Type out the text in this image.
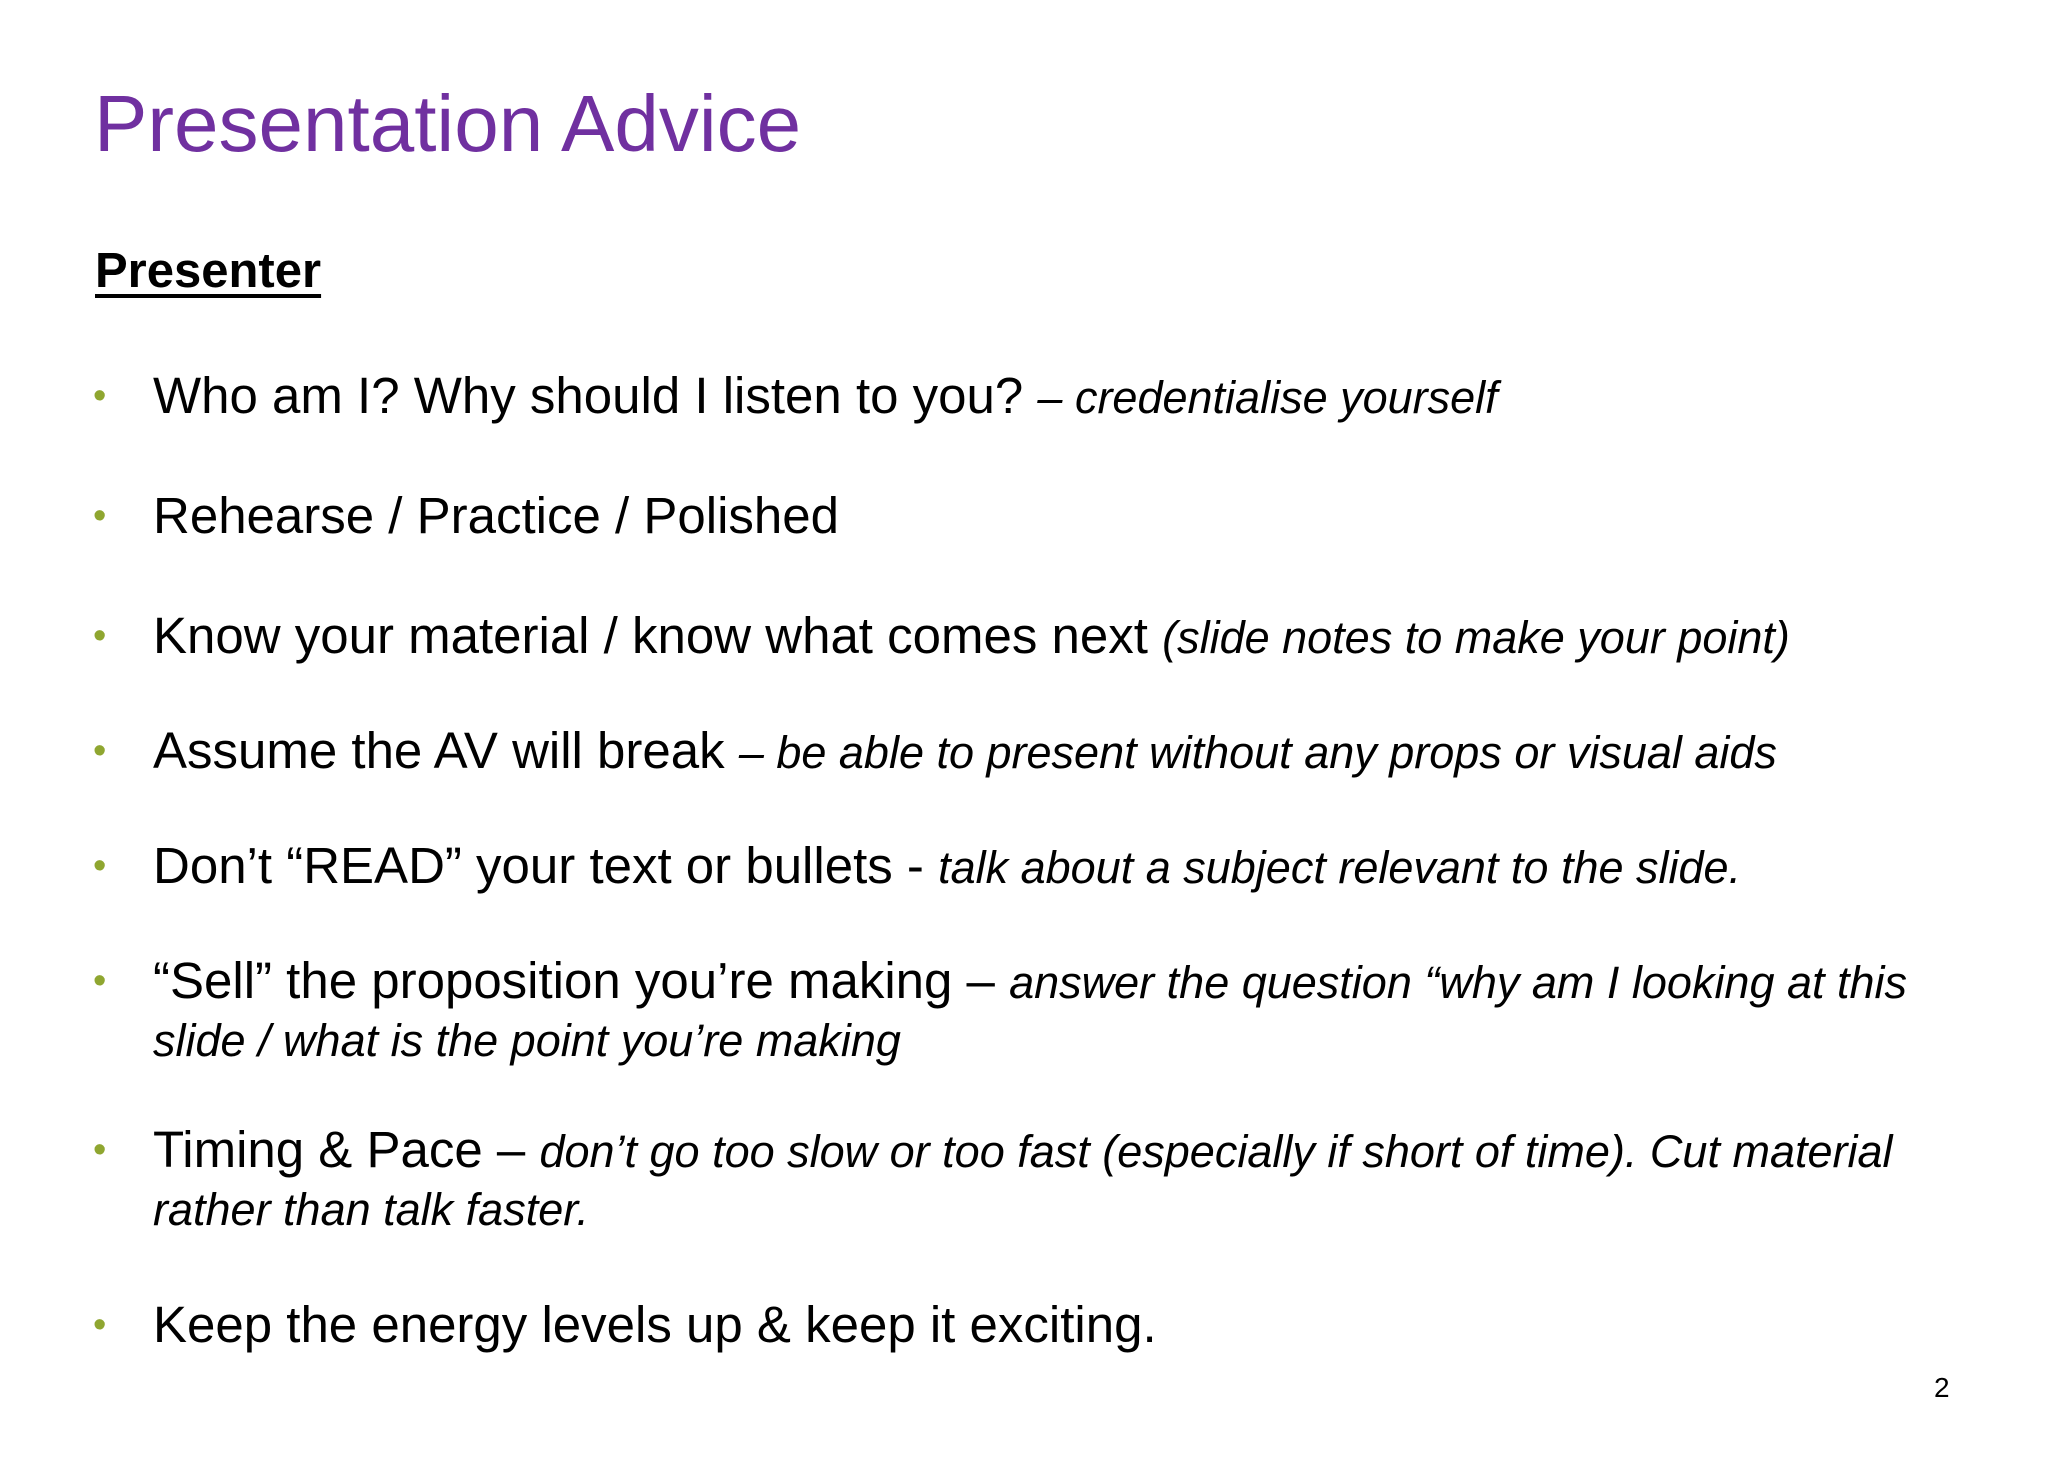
Presentation Advice
Presenter
• Who am I? Why should I listen to you? – credentialise yourself
• Rehearse / Practice / Polished
• Know your material / know what comes next (slide notes to make your point)
• Assume the AV will break – be able to present without any props or visual aids
• Don’t “READ” your text or bullets - talk about a subject relevant to the slide.
• “Sell” the proposition you’re making – answer the question “why am I looking at this slide / what is the point you’re making
• Timing & Pace – don’t go too slow or too fast (especially if short of time). Cut material rather than talk faster.
• Keep the energy levels up & keep it exciting.
2
